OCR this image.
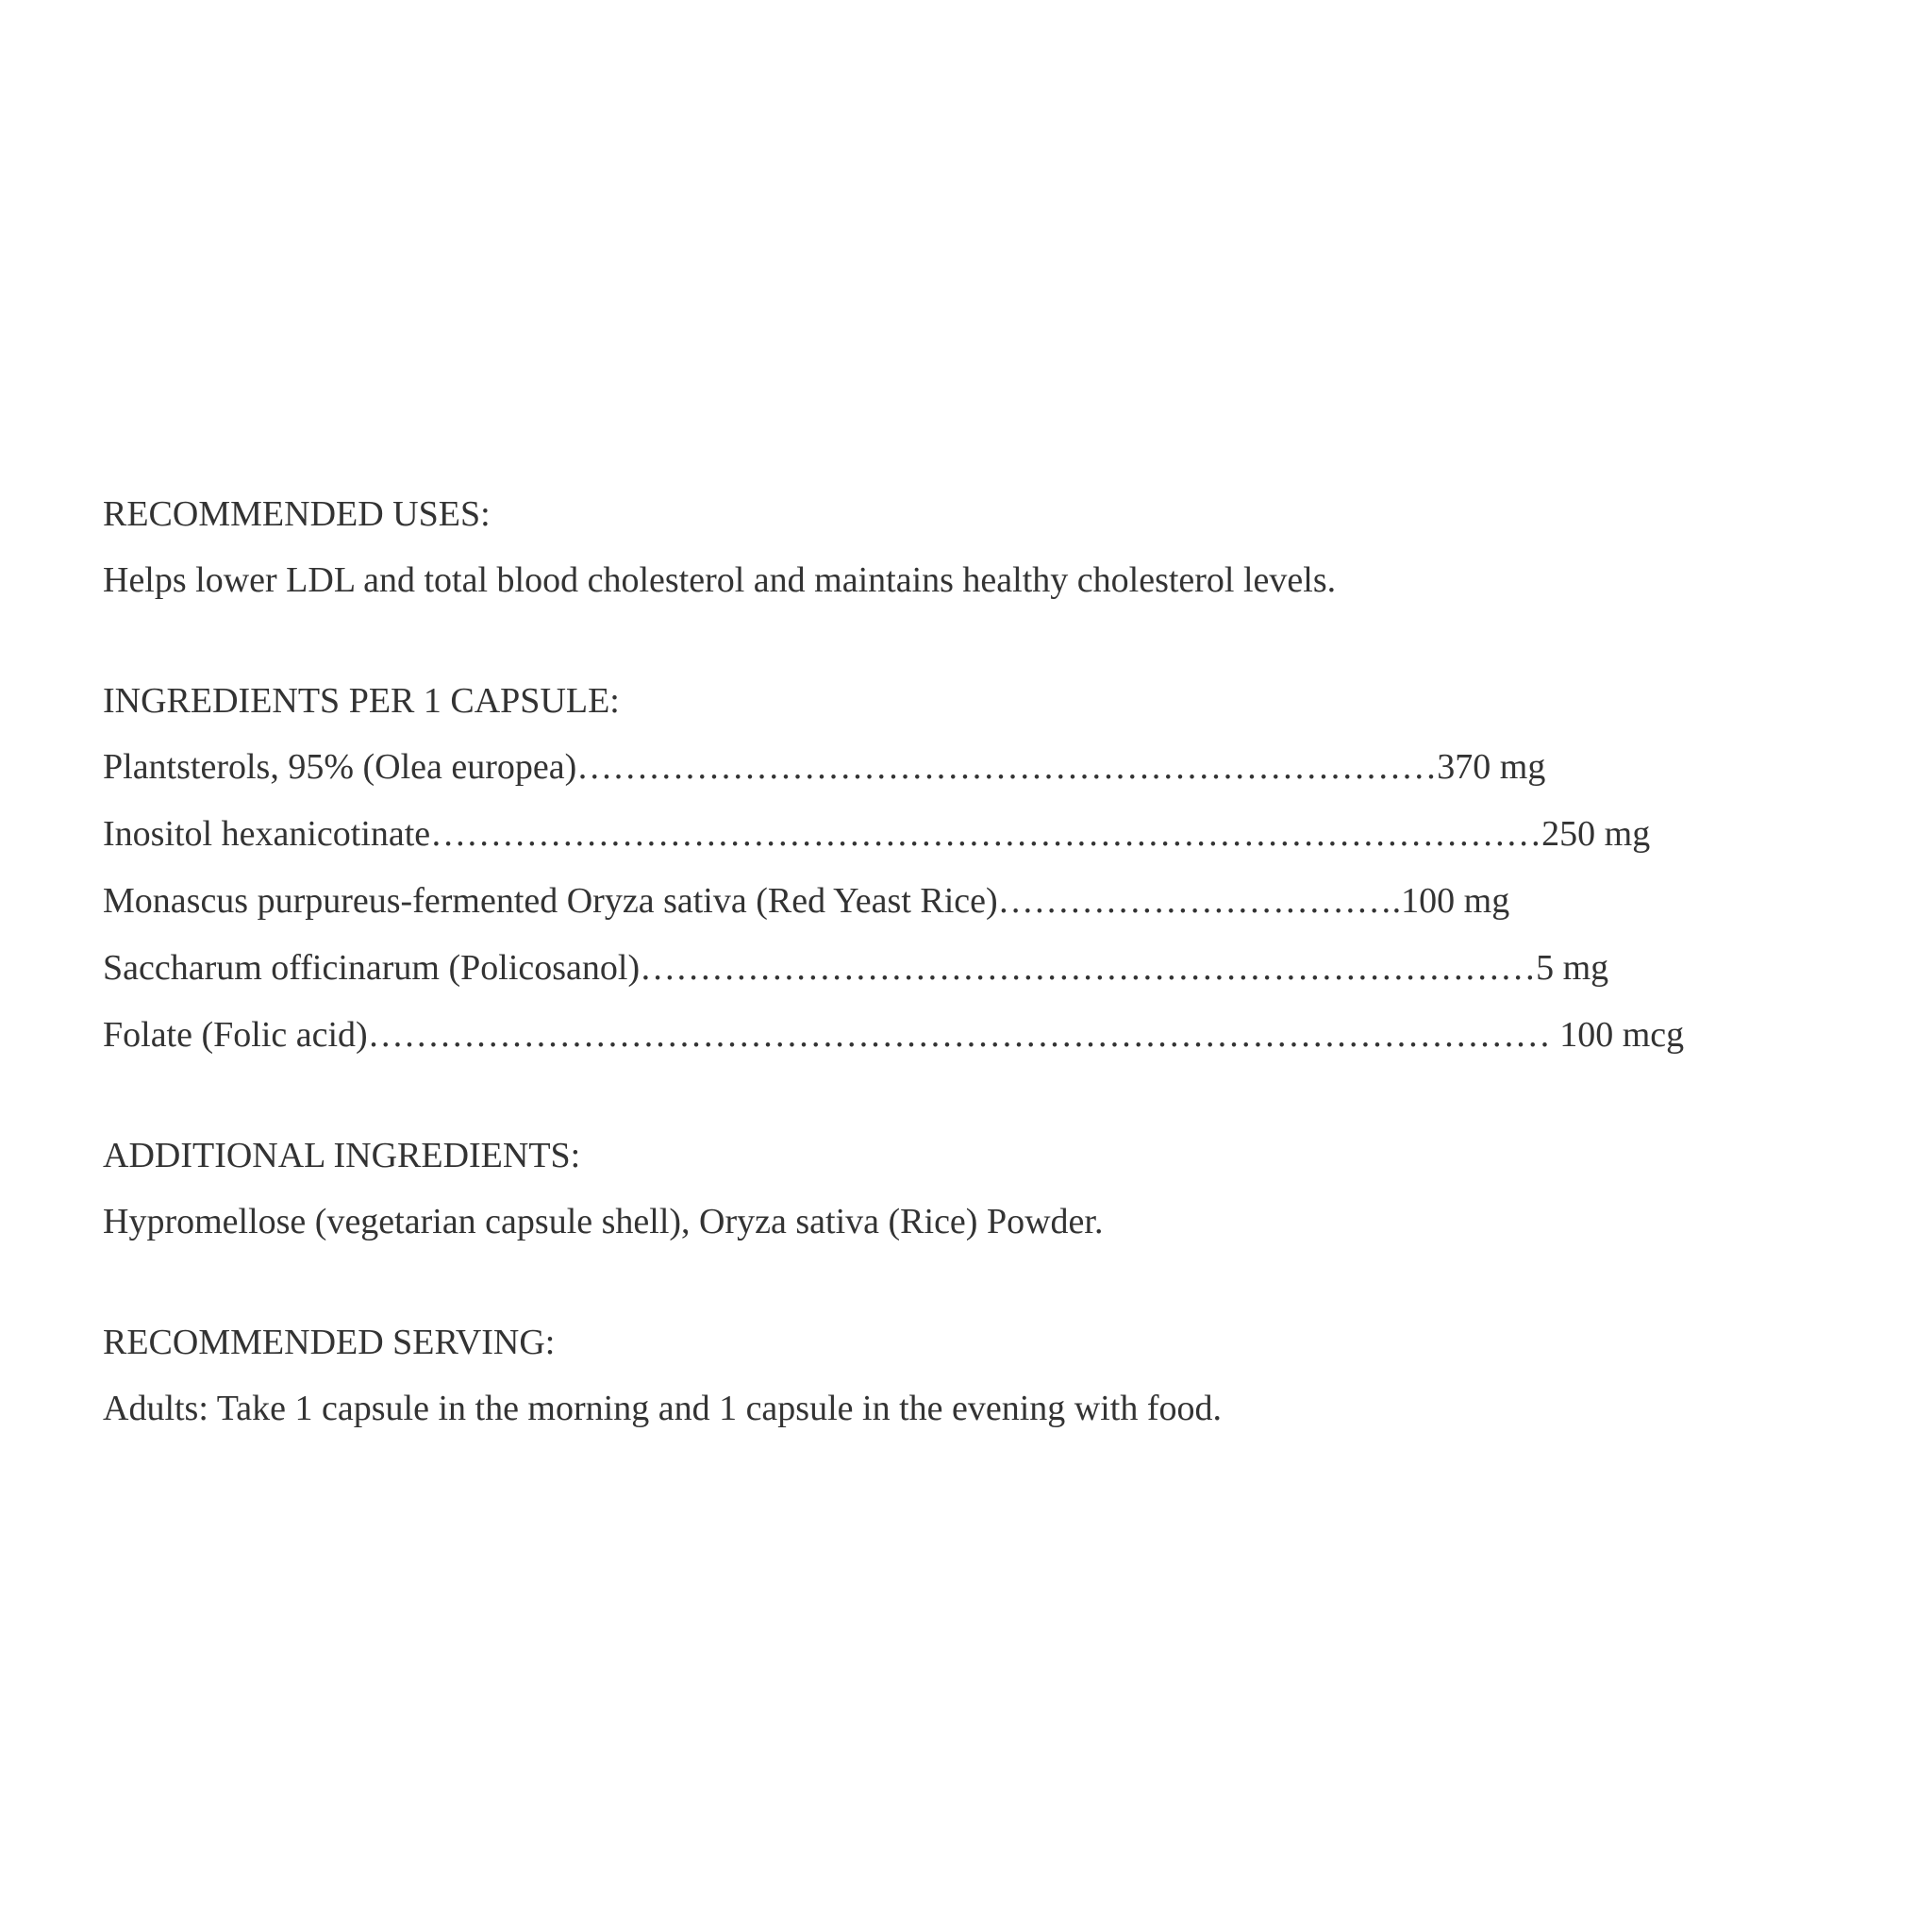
RECOMMENDED USES:

Helps lower LDL and total blood cholesterol and maintains healthy cholesterol levels.

INGREDIENTS PER 1 CAPSULE:

Plantsterols, 95% (Olea europea)………………………………………………………………370 mg
Inositol hexanicotinate…………………………………………………………………………………250 mg
Monascus purpureus-fermented Oryza sativa (Red Yeast Rice)…………………………….100 mg
Saccharum officinarum (Policosanol)…………………………………………………………………5 mg
Folate (Folic acid)……………………………………………………………………………………… 100 mcg

ADDITIONAL INGREDIENTS:

Hypromellose (vegetarian capsule shell), Oryza sativa (Rice) Powder.

RECOMMENDED SERVING:

Adults: Take 1 capsule in the morning and 1 capsule in the evening with food.
